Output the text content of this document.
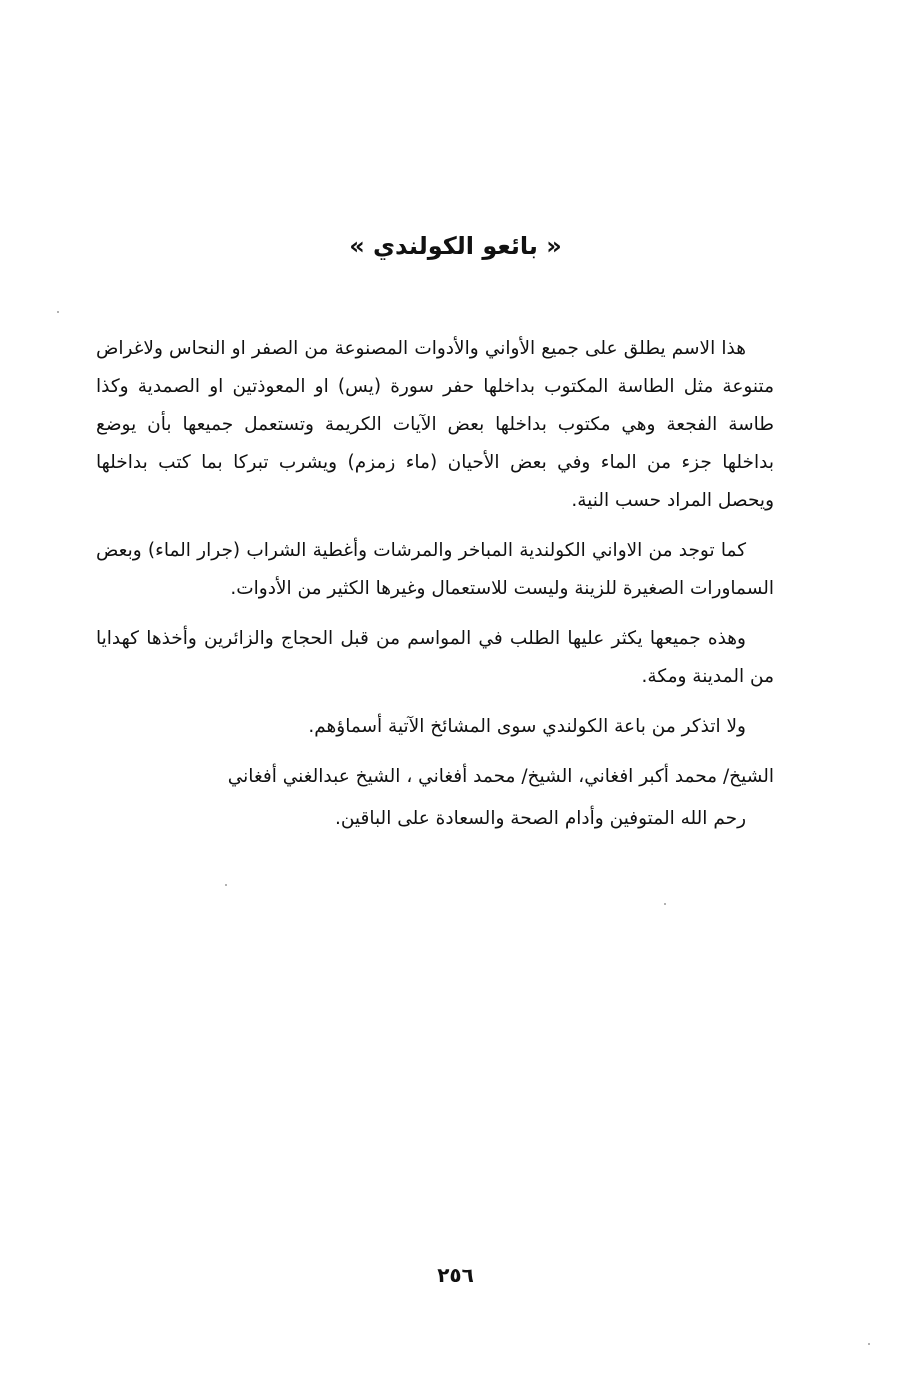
« بائعو الكولندي »

هذا الاسم يطلق على جميع الأواني والأدوات المصنوعة من الصفر او النحاس ولاغراض متنوعة مثل الطاسة المكتوب بداخلها حفر سورة (يس) او المعوذتين او الصمدية وكذا طاسة الفجعة وهي مكتوب بداخلها بعض الآيات الكريمة وتستعمل جميعها بأن يوضع بداخلها جزء من الماء وفي بعض الأحيان (ماء زمزم) ويشرب تبركا بما كتب بداخلها ويحصل المراد حسب النية.

كما توجد من الاواني الكولندية المباخر والمرشات وأغطية الشراب (جرار الماء) وبعض السماورات الصغيرة للزينة وليست للاستعمال وغيرها الكثير من الأدوات.

وهذه جميعها يكثر عليها الطلب في المواسم من قبل الحجاج والزائرين وأخذها كهدايا من المدينة ومكة.

ولا اتذكر من باعة الكولندي سوى المشائخ الآتية أسماؤهم.

الشيخ/ محمد أكبر افغاني، الشيخ/ محمد أفغاني ، الشيخ عبدالغني أفغاني

رحم الله المتوفين وأدام الصحة والسعادة على الباقين.

٢٥٦
